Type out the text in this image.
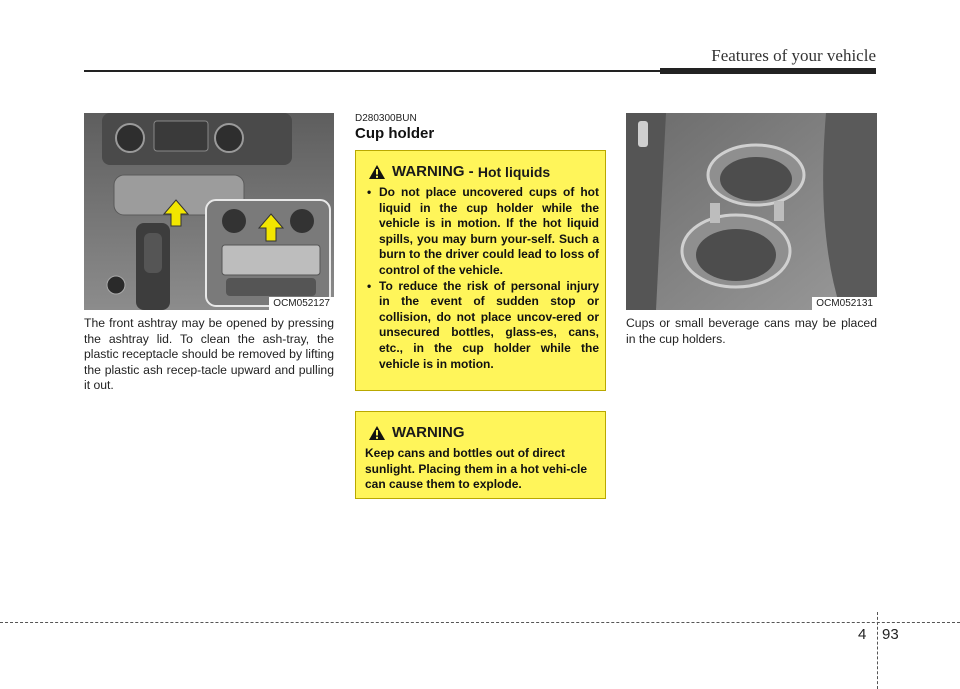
Features of your vehicle
OCM052127
The front ashtray may be opened by pressing the ashtray lid. To clean the ash-tray, the plastic receptacle should be removed by lifting the plastic ash recep-tacle upward and pulling it out.
D280300BUN
Cup holder
WARNING -
Hot liquids
• Do not place uncovered cups of hot liquid in the cup holder while the vehicle is in motion. If the hot liquid spills, you may burn your-self. Such a burn to the driver could lead to loss of control of the vehicle.
• To reduce the risk of personal injury in the event of sudden stop or collision, do not place uncov-ered or unsecured bottles, glass-es, cans, etc., in the cup holder while the vehicle is in motion.
WARNING
Keep cans and bottles out of direct sunlight. Placing them in a hot vehi-cle can cause them to explode.
OCM052131
Cups or small beverage cans may be placed in the cup holders.
4 93
